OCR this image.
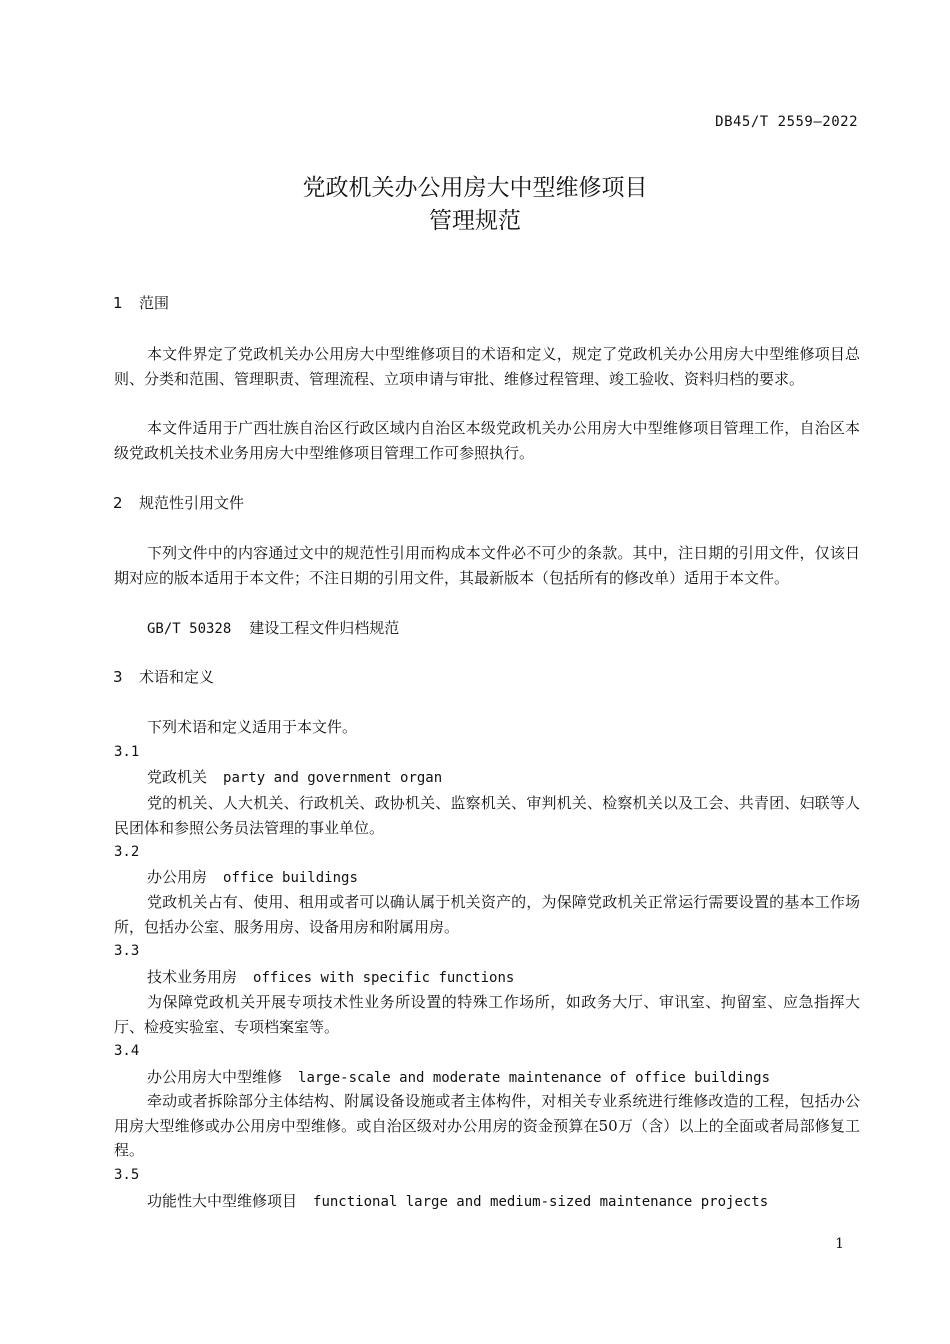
DB45/T 2559—2022
党政机关办公用房大中型维修项目
管理规范
1 范围

本文件界定了党政机关办公用房大中型维修项目的术语和定义，规定了党政机关办公用房大中型维修项目总则、分类和范围、管理职责、管理流程、立项申请与审批、维修过程管理、竣工验收、资料归档的要求。

本文件适用于广西壮族自治区行政区域内自治区本级党政机关办公用房大中型维修项目管理工作，自治区本级党政机关技术业务用房大中型维修项目管理工作可参照执行。

2 规范性引用文件

下列文件中的内容通过文中的规范性引用而构成本文件必不可少的条款。其中，注日期的引用文件，仅该日期对应的版本适用于本文件；不注日期的引用文件，其最新版本（包括所有的修改单）适用于本文件。

GB/T 50328 建设工程文件归档规范
3 术语和定义
下列术语和定义适用于本文件。
3.1
党政机关 party and government organ

党的机关、人大机关、行政机关、政协机关、监察机关、审判机关、检察机关以及工会、共青团、妇联等人民团体和参照公务员法管理的事业单位。

3.2
办公用房 office buildings

党政机关占有、使用、租用或者可以确认属于机关资产的，为保障党政机关正常运行需要设置的基本工作场所，包括办公室、服务用房、设备用房和附属用房。

3.3
技术业务用房 offices with specific functions

为保障党政机关开展专项技术性业务所设置的特殊工作场所，如政务大厅、审讯室、拘留室、应急指挥大厅、检疫实验室、专项档案室等。

3.4
办公用房大中型维修 large-scale and moderate maintenance of office buildings

牵动或者拆除部分主体结构、附属设备设施或者主体构件，对相关专业系统进行维修改造的工程，包括办公用房大型维修或办公用房中型维修。或自治区级对办公用房的资金预算在50万（含）以上的全面或者局部修复工程。

3.5
功能性大中型维修项目 functional large and medium-sized maintenance projects
1
